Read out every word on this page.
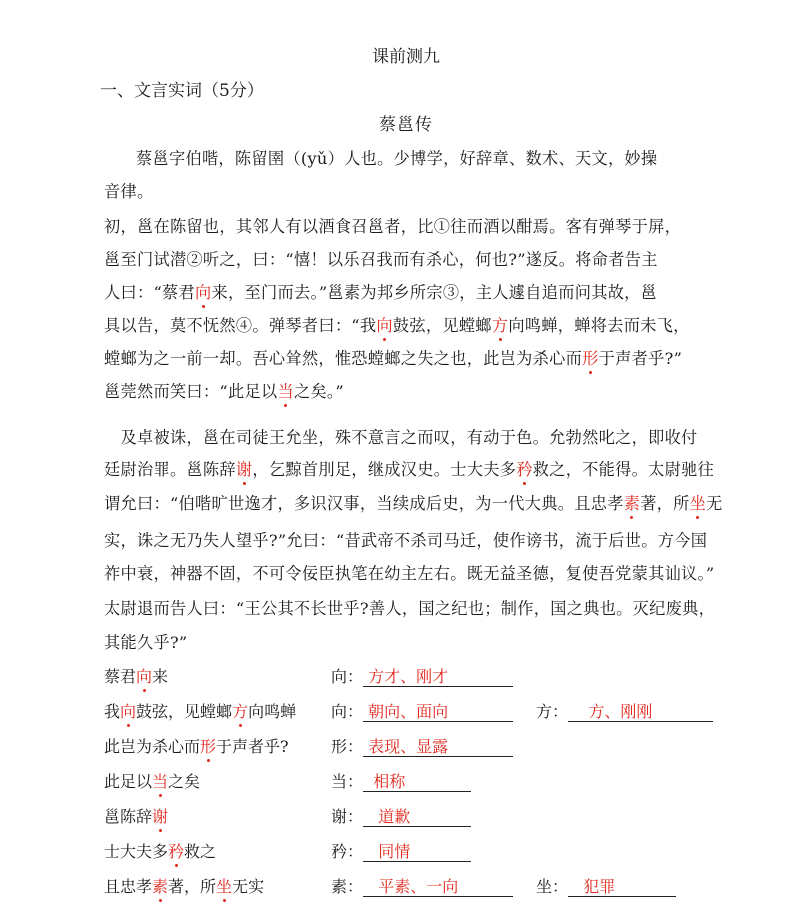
课前测九
一、文言实词（5分）
蔡邕传
蔡邕字伯喈，陈留圉（(yǔ）人也。少博学，好辞章、数术、天文，妙操
音律。
初，邕在陈留也，其邻人有以酒食召邕者，比①往而酒以酣焉。客有弹琴于屏，
邕至门试潜②听之，曰：“憘！以乐召我而有杀心，何也?”遂反。将命者告主
人曰：“蔡君向来，至门而去。”邕素为邦乡所宗③，主人遽自追而问其故，邕
具以告，莫不怃然④。弹琴者曰：“我向鼓弦，见螳螂方向鸣蝉，蝉将去而未飞，
螳螂为之一前一却。吾心耸然，惟恐螳螂之失之也，此岂为杀心而形于声者乎?”
邕莞然而笑曰：“此足以当之矣。”
　及卓被诛，邕在司徒王允坐，殊不意言之而叹，有动于色。允勃然叱之，即收付
廷尉治罪。邕陈辞谢，乞黥首刖足，继成汉史。士大夫多矜救之，不能得。太尉驰往
谓允曰：“伯喈旷世逸才，多识汉事，当续成后史，为一代大典。且忠孝素著，所坐无
实，诛之无乃失人望乎?”允曰：“昔武帝不杀司马迁，使作谤书，流于后世。方今国
祚中衰，神器不固，不可令佞臣执笔在幼主左右。既无益圣德，复使吾党蒙其讪议。”
太尉退而告人曰：“王公其不长世乎?善人，国之纪也；制作，国之典也。灭纪废典，
其能久乎?”
蔡君向来	向： 方才、刚才
我向鼓弦，见螳螂方向鸣蝉 向： 朝向、面向	方： 方、刚刚
此岂为杀心而形于声者乎?	形： 表现、显露
此足以当之矣	当： 相称
邕陈辞谢	谢： 道歉
士大夫多矜救之	矜： 同情
且忠孝素著，所坐无实	素： 平素、一向	坐： 犯罪
